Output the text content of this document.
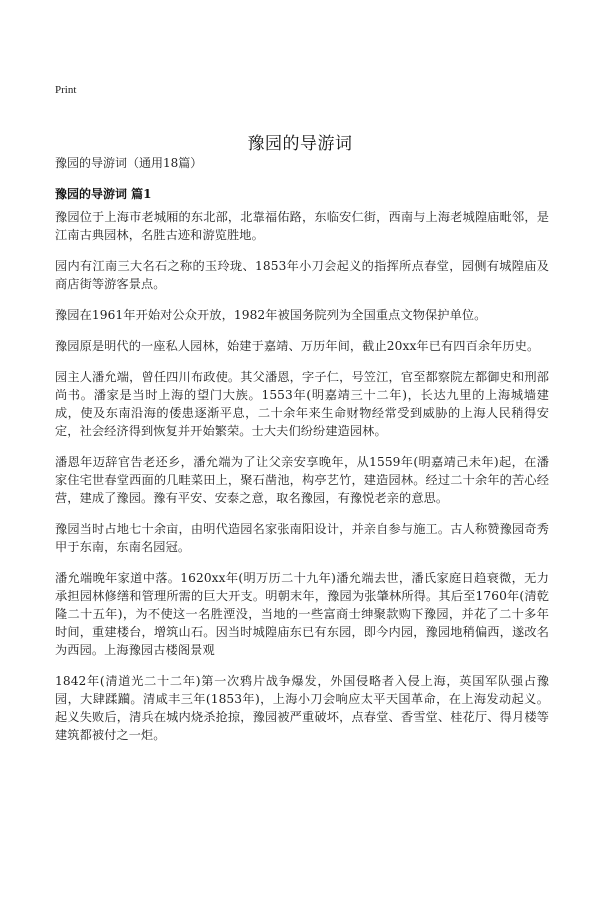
Print
豫园的导游词
豫园的导游词（通用18篇）
豫园的导游词 篇1

豫园位于上海市老城厢的东北部，北靠福佑路，东临安仁街，西南与上海老城隍庙毗邻，是江南古典园林，名胜古迹和游览胜地。

园内有江南三大名石之称的玉玲珑、1853年小刀会起义的指挥所点春堂，园侧有城隍庙及商店街等游客景点。

豫园在1961年开始对公众开放，1982年被国务院列为全国重点文物保护单位。

豫园原是明代的一座私人园林，始建于嘉靖、万历年间，截止20xx年已有四百余年历史。

园主人潘允端，曾任四川布政使。其父潘恩，字子仁，号笠江，官至都察院左都御史和刑部尚书。潘家是当时上海的望门大族。1553年(明嘉靖三十二年)，长达九里的上海城墙建成，使及东南沿海的倭患逐渐平息，二十余年来生命财物经常受到威胁的上海人民稍得安定，社会经济得到恢复并开始繁荣。士大夫们纷纷建造园林。

潘恩年迈辞官告老还乡，潘允端为了让父亲安享晚年，从1559年(明嘉靖己未年)起，在潘家住宅世春堂西面的几畦菜田上，聚石凿池，构亭艺竹，建造园林。经过二十余年的苦心经营，建成了豫园。豫有平安、安泰之意，取名豫园，有豫悦老亲的意思。

豫园当时占地七十余亩，由明代造园名家张南阳设计，并亲自参与施工。古人称赞豫园奇秀甲于东南，东南名园冠。

潘允端晚年家道中落。1620xx年(明万历二十九年)潘允端去世，潘氏家庭日趋衰微，无力承担园林修缮和管理所需的巨大开支。明朝末年，豫园为张肇林所得。其后至1760年(清乾隆二十五年)，为不使这一名胜湮没，当地的一些富商士绅聚款购下豫园，并花了二十多年时间，重建楼台，增筑山石。因当时城隍庙东已有东园，即今内园，豫园地稍偏西，遂改名为西园。上海豫园古楼阁景观

1842年(清道光二十二年)第一次鸦片战争爆发，外国侵略者入侵上海，英国军队强占豫园，大肆蹂躏。清咸丰三年(1853年)，上海小刀会响应太平天国革命，在上海发动起义。起义失败后，清兵在城内烧杀抢掠，豫园被严重破坏，点春堂、香雪堂、桂花厅、得月楼等建筑都被付之一炬。
